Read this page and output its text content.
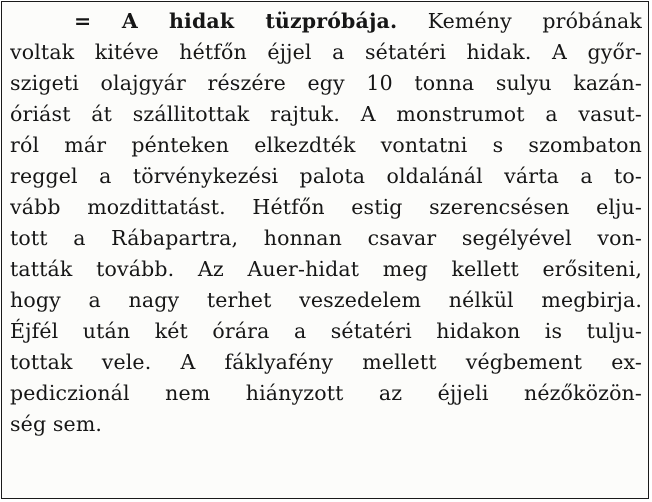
= A hidak tüzpróbája. Kemény próbának
voltak kitéve hétfőn éjjel a sétatéri hidak. A győr-
szigeti olajgyár részére egy 10 tonna sulyu kazán-
óriást át szállitottak rajtuk. A monstrumot a vasut-
ról már pénteken elkezdték vontatni s szombaton
reggel a törvénykezési palota oldalánál várta a to-
vább mozdittatást. Hétfőn estig szerencsésen elju-
tott a Rábapartra, honnan csavar segélyével von-
tatták tovább. Az Auer-hidat meg kellett erősiteni,
hogy a nagy terhet veszedelem nélkül megbirja.
Éjfél után két órára a sétatéri hidakon is tulju-
tottak vele. A fáklyafény mellett végbement ex-
pediczionál nem hiányzott az éjjeli nézőközön-
ség sem.
